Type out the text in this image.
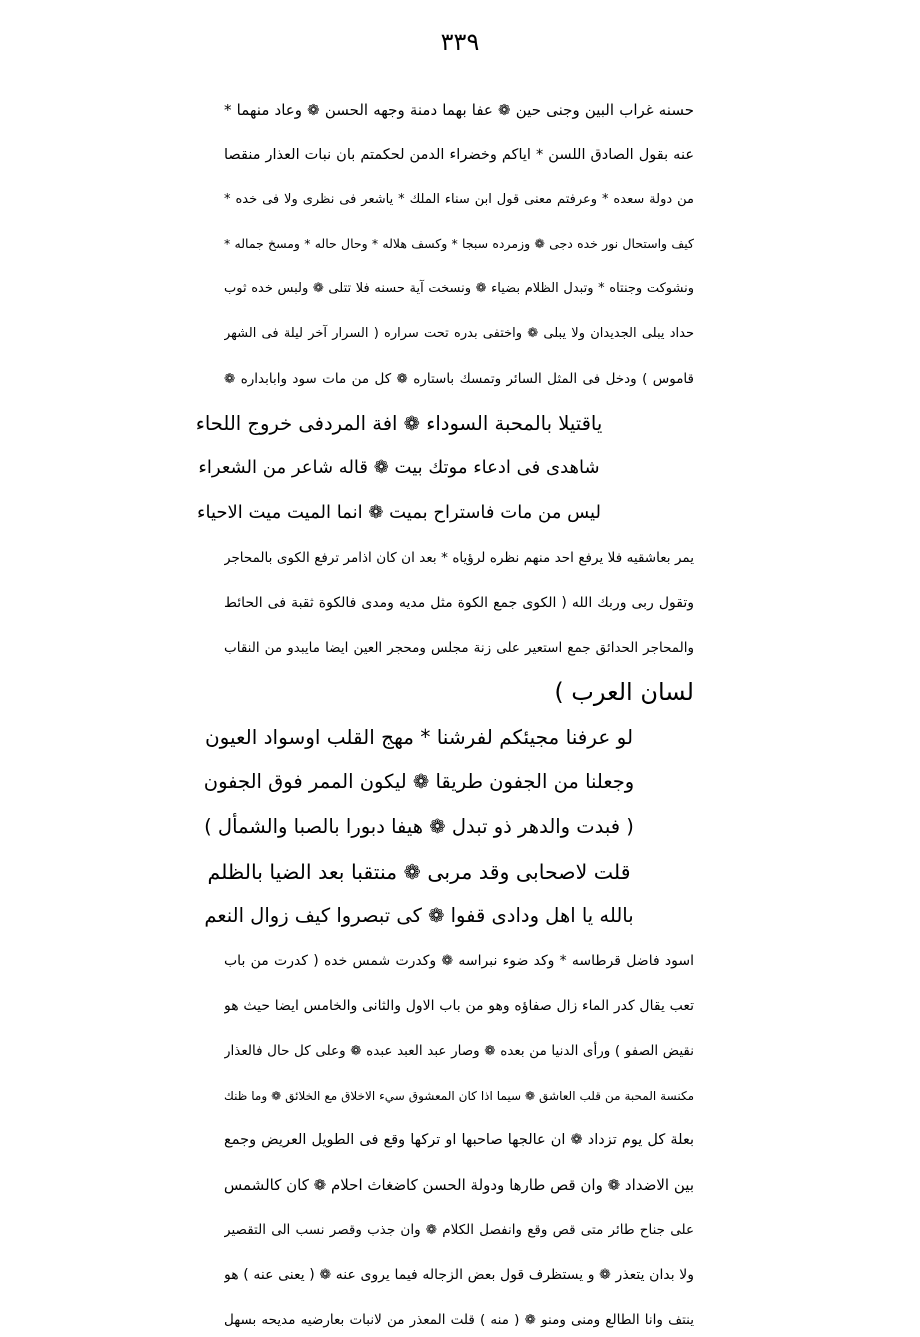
٣٣٩
حسنه غراب البين وجنى حين ❁ عفا بهما دمنة وجهه الحسن ❁ وعاد منهما *
عنه بقول الصادق اللسن * اياكم وخضراء الدمن لحكمتم بان نبات العذار منقصا
من دولة سعده * وعرفتم معنى قول ابن سناء الملك * ياشعر فى نظرى ولا فى خده *
كيف واستحال نور خده دجى ❁ وزمرده سبجا * وكسف هلاله * وحال حاله * ومسخ جماله *
ونشوكت وجنتاه * وتبدل الظلام بضياء ❁ ونسخت آية حسنه فلا تتلى ❁ ولبس خده ثوب
حداد يبلى الجديدان ولا يبلى ❁ واختفى بدره تحت سراره ( السرار آخر ليلة فى الشهر
قاموس ) ودخل فى المثل السائر وتمسك باستاره ❁ كل من مات سود وابابداره ❁
ياقتيلا بالمحبة السوداء ❁ افة المردفى خروج اللحاء
شاهدى فى ادعاء موتك بيت ❁ قاله شاعر من الشعراء
ليس من مات فاستراح بميت ❁ انما الميت ميت الاحياء
يمر بعاشقيه فلا يرفع احد منهم نظره لرؤياه * بعد ان كان اذامر ترفع الكوى بالمحاجر
وتقول ربى وربك الله ( الكوى جمع الكوة مثل مديه ومدى فالكوة ثقبة فى الحائط
والمحاجر الحدائق جمع استعير على زنة مجلس ومحجر العين ايضا مايبدو من النقاب
لسان العرب )
لو عرفنا مجيئكم لفرشنا * مهج القلب اوسواد العيون
وجعلنا من الجفون طريقا ❁ ليكون الممر فوق الجفون
( فبدت والدهر ذو تبدل ❁ هيفا دبورا بالصبا والشمأل )
قلت لاصحابى وقد مربى ❁ منتقبا بعد الضيا بالظلم
بالله يا اهل ودادى قفوا ❁ كى تبصروا كيف زوال النعم
اسود فاضل قرطاسه * وكد ضوء نبراسه ❁ وكدرت شمس خده ( كدرت من باب
تعب يقال كدر الماء زال صفاؤه وهو من باب الاول والثانى والخامس ايضا حيث هو
نقيض الصفو ) ورأى الدنيا من بعده ❁ وصار عبد العبد عبده ❁ وعلى كل حال فالعذار
مكنسة المحبة من قلب العاشق ❁ سيما اذا كان المعشوق سيء الاخلاق مع الخلائق ❁ وما ظنك
بعلة كل يوم تزداد ❁ ان عالجها صاحبها او تركها وقع فى الطويل العريض وجمع
بين الاضداد ❁ وان قص طارها ودولة الحسن كاضغاث احلام ❁ كان كالشمس
على جناح طائر متى قص وقع وانفصل الكلام ❁ وان جذب وقصر نسب الى التقصير
ولا بدان يتعذر ❁ و يستظرف قول بعض الزجاله فيما يروى عنه ❁ ( يعنى عنه ) هو
ينتف وانا الطالع ومنى ومنو ❁ ( منه ) قلت المعذر من لانبات بعارضيه مديحه بسهل
